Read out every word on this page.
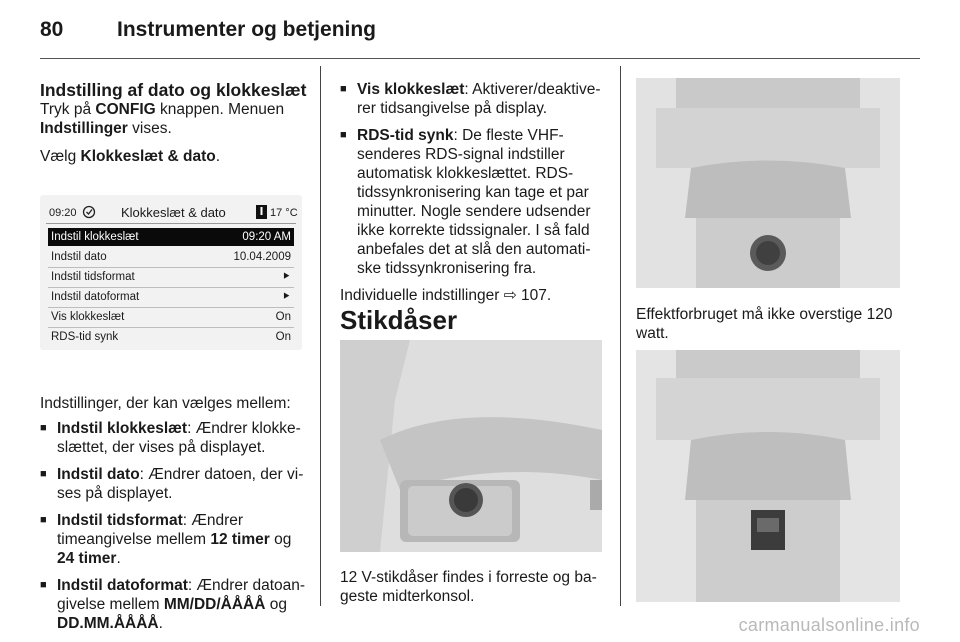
80	Instrumenter og betjening
Indstilling af dato og klokkeslæt

Tryk på CONFIG knappen. Menuen
Indstillinger vises.

Vælg Klokkeslæt & dato.

09:20	Klokkeslæt & dato	17 °C
Indstil klokkeslæt	09:20 AM
Indstil dato	10.04.2009
Indstil tidsformat	⯈
Indstil datoformat	⯈
Vis klokkeslæt	On
RDS-tid synk	On

Indstillinger, der kan vælges mellem:

■ Indstil klokkeslæt: Ændrer klokkeslættet, der vises på displayet.
■ Indstil dato: Ændrer datoen, der vises på displayet.
■ Indstil tidsformat: Ændrer timeangivelse mellem 12 timer og 24 timer.
■ Indstil datoformat: Ændrer datoangivelse mellem MM/DD/ÅÅÅÅ og DD.MM.ÅÅÅÅ.
■ Vis klokkeslæt: Aktiverer/deaktiverer tidsangivelse på display.
■ RDS-tid synk: De fleste VHF-senderes RDS-signal indstiller automatisk klokkeslættet. RDS-tidssynkronisering kan tage et par minutter. Nogle sendere udsender ikke korrekte tidssignaler. I så fald anbefales det at slå den automatiske tidssynkronisering fra.

Individuelle indstillinger ⇨ 107.

Stikdåser

12 V-stikdåser findes i forreste og bageste midterkonsol.

Effektforbruget må ikke overstige 120 watt.

carmanualsonline.info
